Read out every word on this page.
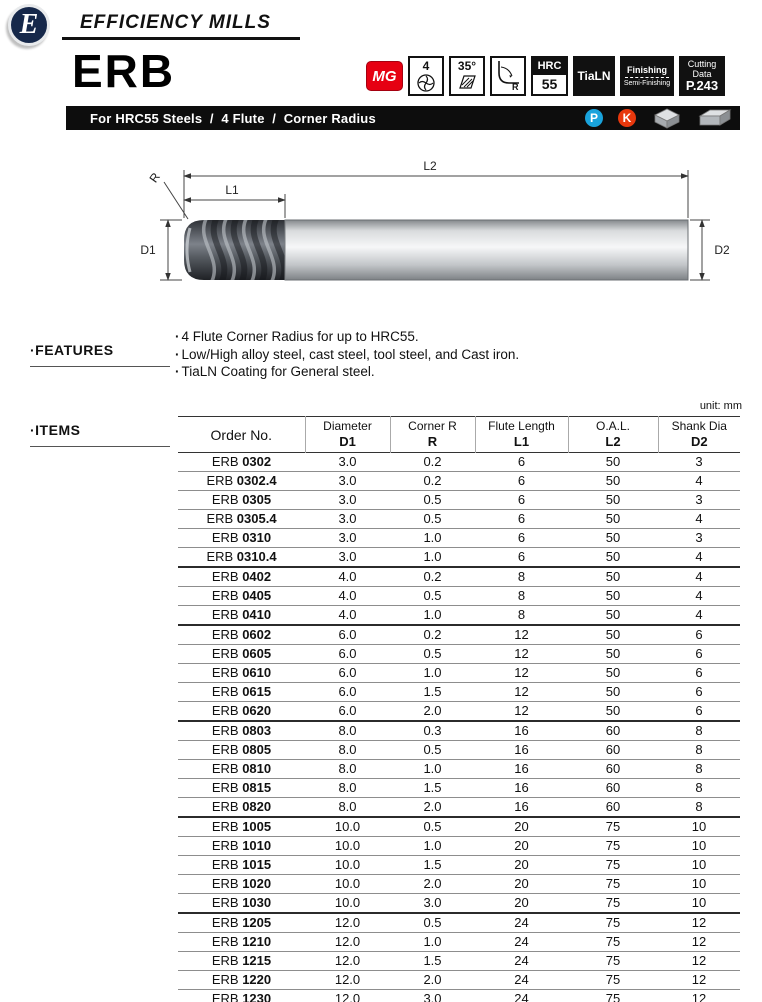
E EFFICIENCY MILLS
ERB	MG
4 35°
R
HRC
55	TiaLN	Finishing
Semi-Finishing
Cutting
Data
P.243
For HRC55 Steels  /  4 Flute  /  Corner Radius	P	K
L2
L1
R
D1	D2
· FEATURES
· 4 Flute Corner Radius for up to HRC55.
· Low/High alloy steel, cast steel, tool steel, and Cast iron.
· TiaLN Coating for General steel.
unit: mm
· ITEMS	Order No.	
Diameter
D1

Corner R
R

Flute Length
L1

O.A.L.
L2

Shank Dia
D2

ERB 0302	3.0	0.2	6	50	3
ERB 0302.4	3.0	0.2	6	50	4
ERB 0305	3.0	0.5	6	50	3
ERB 0305.4	3.0	0.5	6	50	4
ERB 0310	3.0	1.0	6	50	3
ERB 0310.4	3.0	1.0	6	50	4
ERB 0402	4.0	0.2	8	50	4
ERB 0405	4.0	0.5	8	50	4
ERB 0410	4.0	1.0	8	50	4
ERB 0602	6.0	0.2	12	50	6
ERB 0605	6.0	0.5	12	50	6
ERB 0610	6.0	1.0	12	50	6
ERB 0615	6.0	1.5	12	50	6
ERB 0620	6.0	2.0	12	50	6
ERB 0803	8.0	0.3	16	60	8
ERB 0805	8.0	0.5	16	60	8
ERB 0810	8.0	1.0	16	60	8
ERB 0815	8.0	1.5	16	60	8
ERB 0820	8.0	2.0	16	60	8
ERB 1005	10.0	0.5	20	75	10
ERB 1010	10.0	1.0	20	75	10
ERB 1015	10.0	1.5	20	75	10
ERB 1020	10.0	2.0	20	75	10
ERB 1030	10.0	3.0	20	75	10
ERB 1205	12.0	0.5	24	75	12
ERB 1210	12.0	1.0	24	75	12
ERB 1215	12.0	1.5	24	75	12
ERB 1220	12.0	2.0	24	75	12
ERB 1230	12.0	3.0	24	75	12
